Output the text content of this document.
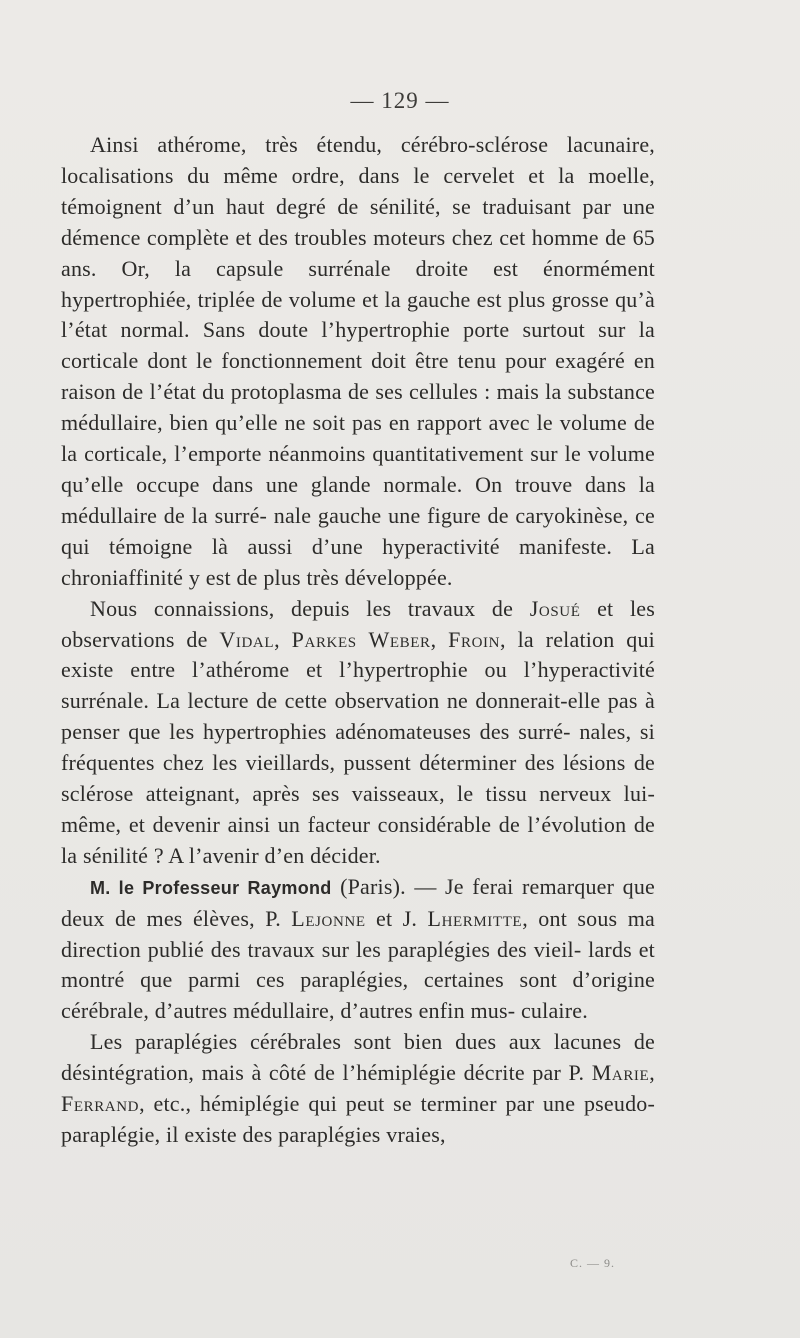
— 129 —

Ainsi athérome, très étendu, cérébro-sclérose lacunaire, localisations du même ordre, dans le cervelet et la moelle, témoignent d’un haut degré de sénilité, se traduisant par une démence complète et des troubles moteurs chez cet homme de 65 ans. Or, la capsule surrénale droite est énormément hypertrophiée, triplée de volume et la gauche est plus grosse qu’à l’état normal. Sans doute l’hypertrophie porte surtout sur la corticale dont le fonctionnement doit être tenu pour exagéré en raison de l’état du protoplasma de ses cellules : mais la substance médullaire, bien qu’elle ne soit pas en rapport avec le volume de la corticale, l’emporte néanmoins quantitativement sur le volume qu’elle occupe dans une glande normale. On trouve dans la médullaire de la surré- nale gauche une figure de caryokinèse, ce qui témoigne là aussi d’une hyperactivité manifeste. La chroniaffinité y est de plus très développée.

Nous connaissions, depuis les travaux de Josué et les observations de Vidal, Parkes Weber, Froin, la relation qui existe entre l’athérome et l’hypertrophie ou l’hyperactivité surrénale. La lecture de cette observation ne donnerait-elle pas à penser que les hypertrophies adénomateuses des surré- nales, si fréquentes chez les vieillards, pussent déterminer des lésions de sclérose atteignant, après ses vaisseaux, le tissu nerveux lui-même, et devenir ainsi un facteur considérable de l’évolution de la sénilité ? A l’avenir d’en décider.

M. le Professeur Raymond (Paris). — Je ferai remarquer que deux de mes élèves, P. Lejonne et J. Lhermitte, ont sous ma direction publié des travaux sur les paraplégies des vieil- lards et montré que parmi ces paraplégies, certaines sont d’origine cérébrale, d’autres médullaire, d’autres enfin mus- culaire.

Les paraplégies cérébrales sont bien dues aux lacunes de désintégration, mais à côté de l’hémiplégie décrite par P. Marie, Ferrand, etc., hémiplégie qui peut se terminer par une pseudo-paraplégie, il existe des paraplégies vraies,

C. — 9.
